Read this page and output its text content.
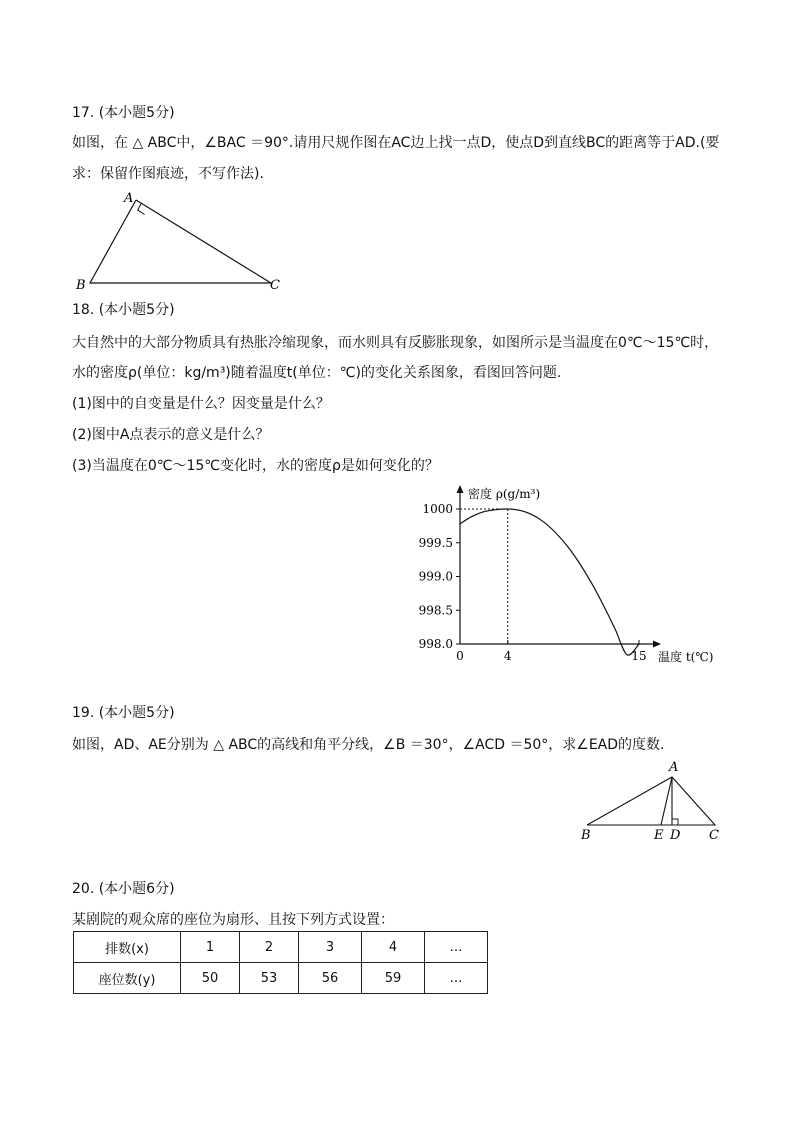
17. (本小题5分)
如图，在 △ ABC中，∠BAC ＝90°.请用尺规作图在AC边上找一点D，使点D到直线BC的距离等于AD.(要
求：保留作图痕迹，不写作法).
A
B	C
18. (本小题5分)
大自然中的大部分物质具有热胀冷缩现象，而水则具有反膨胀现象，如图所示是当温度在0℃～15℃时，
水的密度ρ(单位：kg/m³)随着温度t(单位：℃)的变化关系图象，看图回答问题.
(1)图中的自变量是什么？因变量是什么？
(2)图中A点表示的意义是什么？
(3)当温度在0℃～15℃变化时，水的密度ρ是如何变化的？
密度 ρ(g/m³)
温度 t(℃)
1000
999.5
999.0
998.5
998.0
0	4	15
19. (本小题5分)
如图，AD、AE分别为 △ ABC的高线和角平分线，∠B ＝30°，∠ACD ＝50°，求∠EAD的度数.
A
B	E D C
20. (本小题6分)
某剧院的观众席的座位为扇形、且按下列方式设置：
排数(x)	1	2	3	4	…
座位数(y)	50	53	56	59	…
